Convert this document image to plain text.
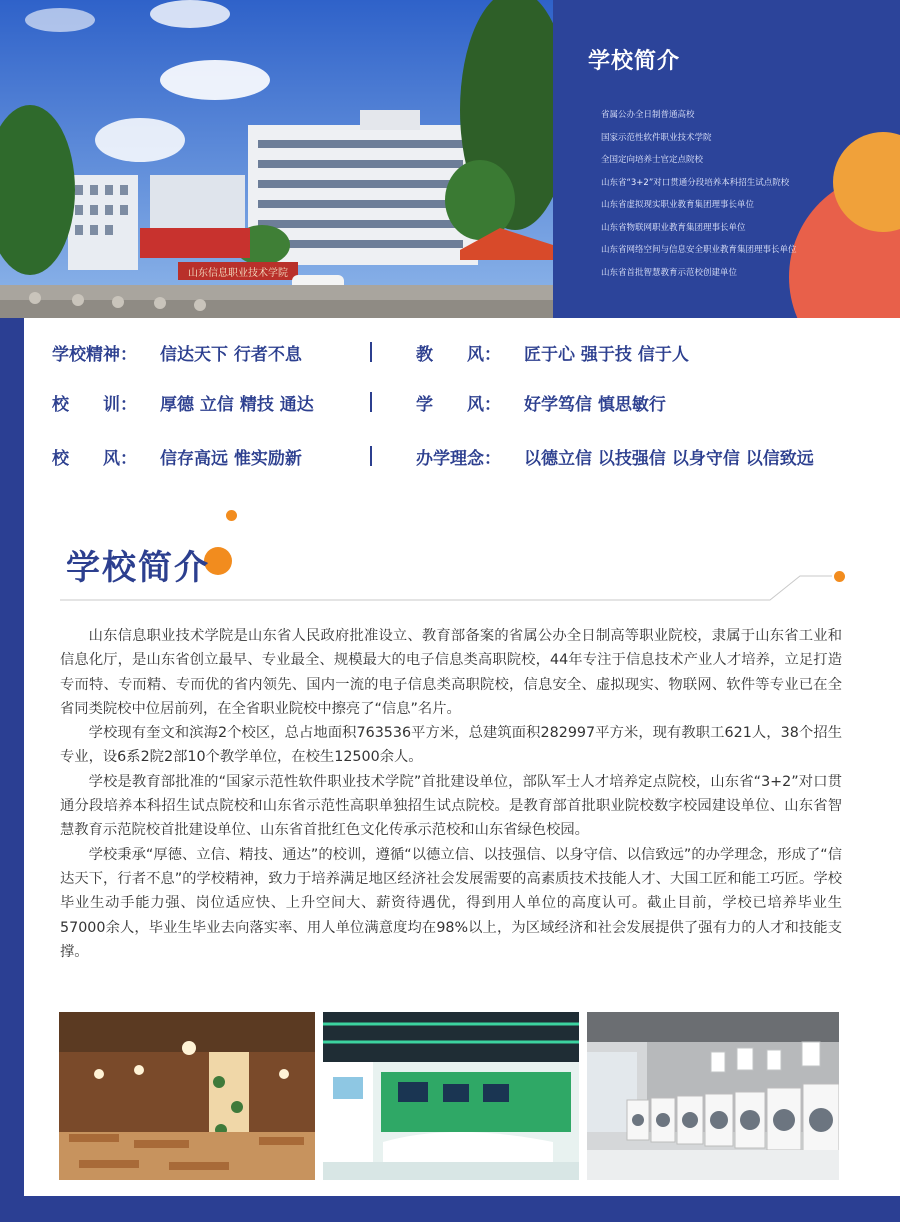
山东信息职业技术学院
学校简介
省属公办全日制普通高校
国家示范性软件职业技术学院
全国定向培养士官定点院校
山东省“3+2”对口贯通分段培养本科招生试点院校
山东省虚拟现实职业教育集团理事长单位
山东省物联网职业教育集团理事长单位
山东省网络空间与信息安全职业教育集团理事长单位
山东省首批智慧教育示范校创建单位
学校精神： 信达天下 行者不息	教　　风： 匠于心 强于技 信于人
校　　训： 厚德 立信 精技 通达	学　　风： 好学笃信 慎思敏行
校　　风： 信存高远 惟实励新	办学理念： 以德立信 以技强信 以身守信 以信致远
学校简介

山东信息职业技术学院是山东省人民政府批准设立、教育部备案的省属公办全日制高等职业院校，隶属于山东省工业和信息化厅，是山东省创立最早、专业最全、规模最大的电子信息类高职院校，44年专注于信息技术产业人才培养，立足打造专而特、专而精、专而优的省内领先、国内一流的电子信息类高职院校，信息安全、虚拟现实、物联网、软件等专业已在全省同类院校中位居前列，在全省职业院校中擦亮了“信息”名片。

学校现有奎文和滨海2个校区，总占地面积763536平方米，总建筑面积282997平方米，现有教职工621人，38个招生专业，设6系2院2部10个教学单位，在校生12500余人。

学校是教育部批准的“国家示范性软件职业技术学院”首批建设单位，部队军士人才培养定点院校，山东省“3+2”对口贯通分段培养本科招生试点院校和山东省示范性高职单独招生试点院校。是教育部首批职业院校数字校园建设单位、山东省智慧教育示范院校首批建设单位、山东省首批红色文化传承示范校和山东省绿色校园。

学校秉承“厚德、立信、精技、通达”的校训，遵循“以德立信、以技强信、以身守信、以信致远”的办学理念，形成了“信达天下，行者不息”的学校精神，致力于培养满足地区经济社会发展需要的高素质技术技能人才、大国工匠和能工巧匠。学校毕业生动手能力强、岗位适应快、上升空间大、薪资待遇优，得到用人单位的高度认可。截止目前，学校已培养毕业生57000余人，毕业生毕业去向落实率、用人单位满意度均在98%以上，为区域经济和社会发展提供了强有力的人才和技能支撑。
